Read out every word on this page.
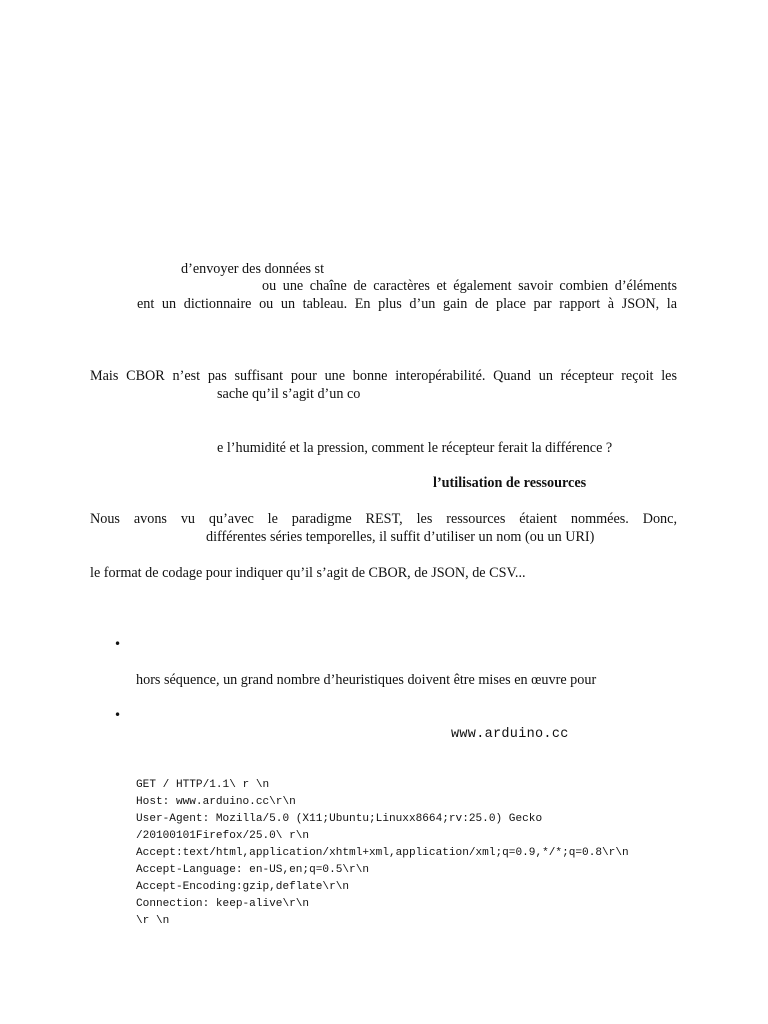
d’envoyer des données st
ou une chaîne de caractères et également savoir combien d’éléments
ent un dictionnaire ou un tableau. En plus d’un gain de place par rapport à JSON, la
Mais CBOR n’est pas suffisant pour une bonne interopérabilité. Quand un récepteur reçoit les
sache qu’il s’agit d’un co
e l’humidité et la pression, comment le récepteur ferait la différence ?
l’utilisation de ressources
Nous avons vu qu’avec le paradigme REST, les ressources étaient nommées. Donc,
différentes séries temporelles, il suffit d’utiliser un nom (ou un URI)
le format de codage pour indiquer qu’il s’agit de CBOR, de JSON, de CSV...
•
hors séquence, un grand nombre d’heuristiques doivent être mises en œuvre pour
•
www.arduino.cc
GET / HTTP/1.1\ r \n
Host: www.arduino.cc\r\n
User-Agent: Mozilla/5.0 (X11;Ubuntu;Linuxx8664;rv:25.0) Gecko
/20100101Firefox/25.0\ r\n
Accept:text/html,application/xhtml+xml,application/xml;q=0.9,*/*;q=0.8\r\n
Accept-Language: en-US,en;q=0.5\r\n
Accept-Encoding:gzip,deflate\r\n
Connection: keep-alive\r\n
\r \n
